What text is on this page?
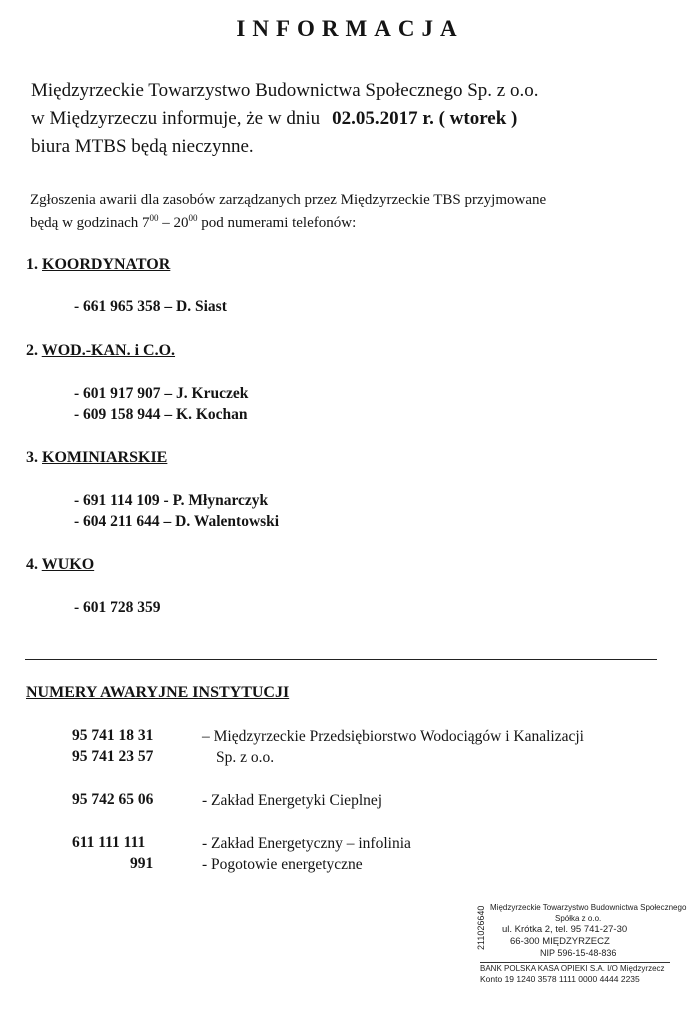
INFORMACJA
Międzyrzeckie Towarzystwo Budownictwa Społecznego Sp. z o.o.
w Międzyrzeczu informuje, że w dniu 02.05.2017 r. ( wtorek )
biura MTBS będą nieczynne.
Zgłoszenia awarii dla zasobów zarządzanych przez Międzyrzeckie TBS przyjmowane
będą w godzinach $7^{00} - 20^{00}$ pod numerami telefonów:
1. KOORDYNATOR
- 661 965 358 – D. Siast
2. WOD.-KAN. i C.O.
- 601 917 907 – J. Kruczek
- 609 158 944 – K. Kochan
3. KOMINIARSKIE
- 691 114 109 - P. Młynarczyk
- 604 211 644 – D. Walentowski
4. WUKO
- 601 728 359
NUMERY AWARYJNE INSTYTUCJI
95 741 18 31	– Międzyrzeckie Przedsiębiorstwo Wodociągów i Kanalizacji
95 741 23 57	Sp. z o.o.
95 742 65 06	- Zakład Energetyki Cieplnej
611 111 111	- Zakład Energetyczny – infolinia
991	- Pogotowie energetyczne
211026640 Międzyrzeckie Towarzystwo Budownictwa Społecznego
Spółka z o.o.
ul. Krótka 2, tel. 95 741-27-30
66-300 MIĘDZYRZECZ
NIP 596-15-48-836
BANK POLSKA KASA OPIEKI S.A. I/O Międzyrzecz
Konto 19 1240 3578 1111 0000 4444 2235
